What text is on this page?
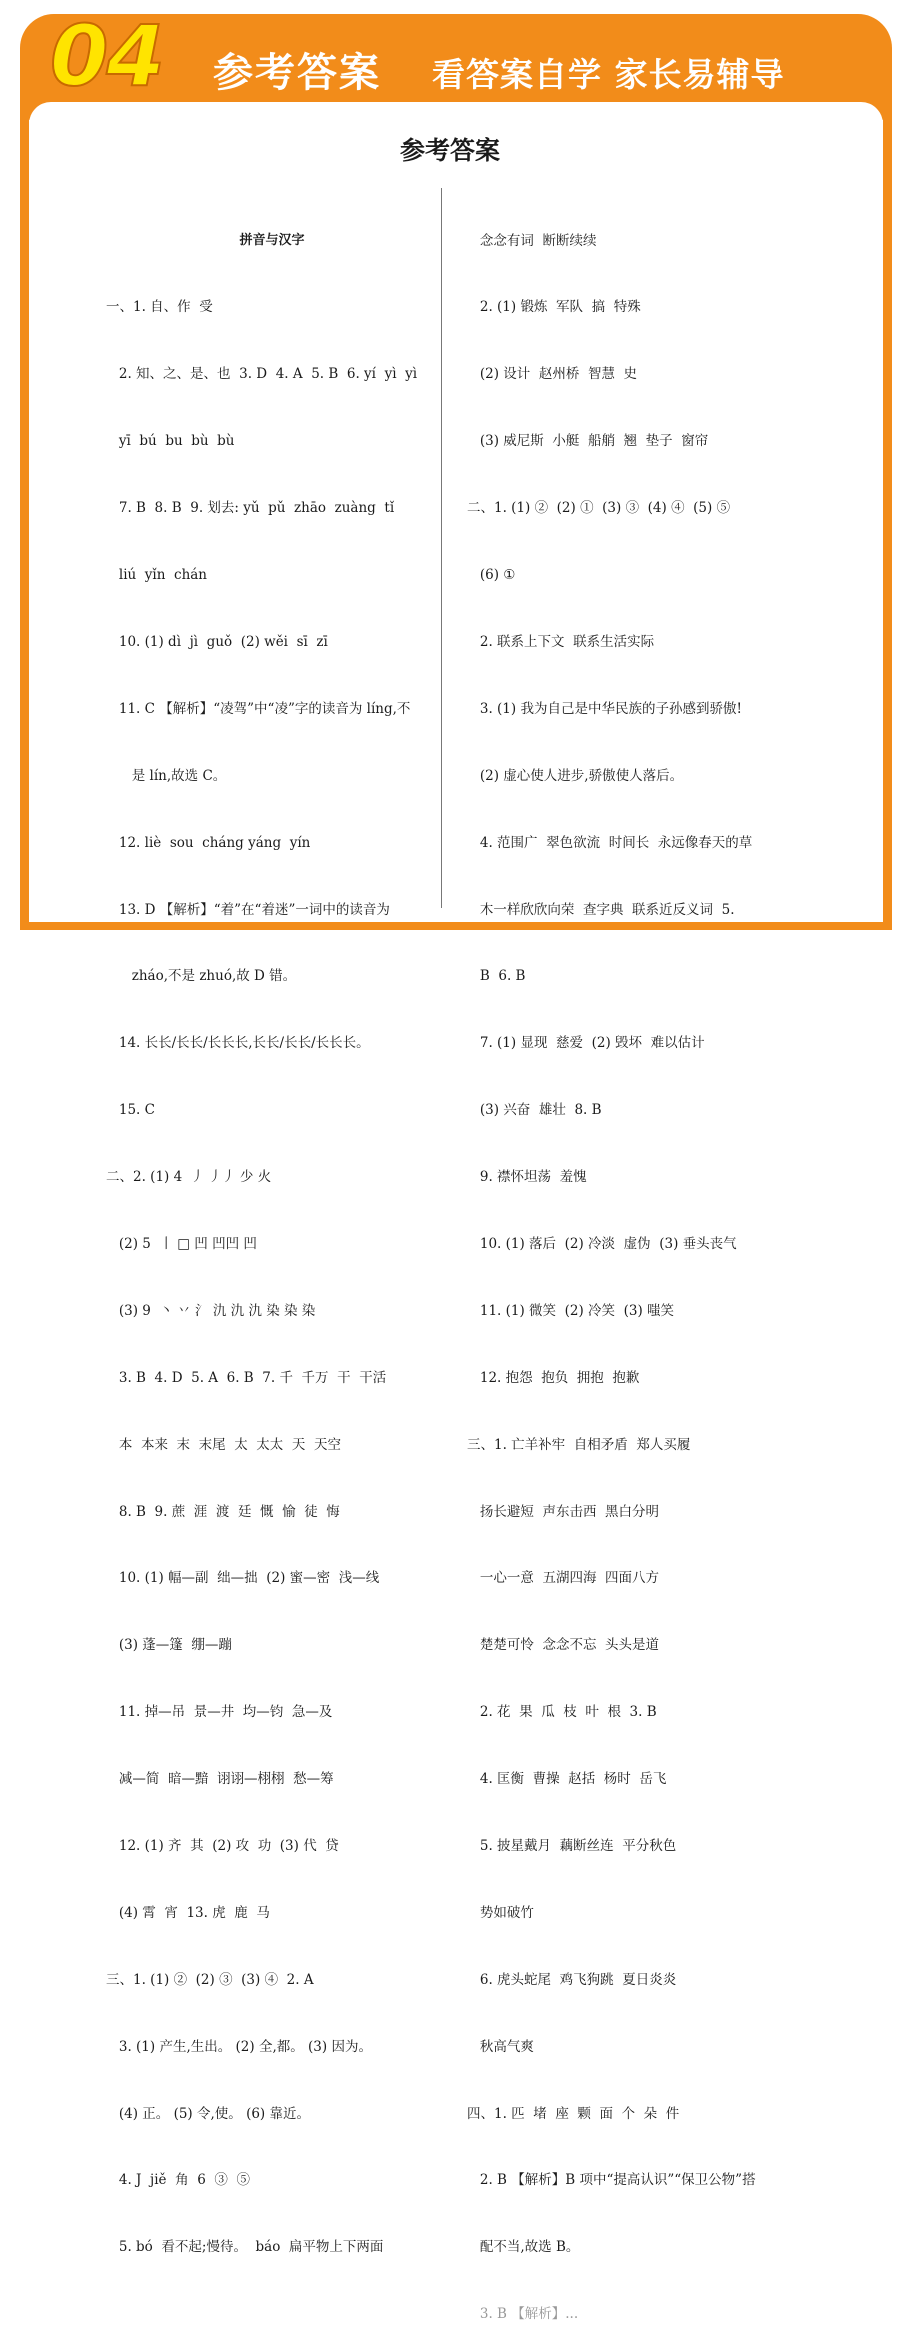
04 参考答案 看答案自学 家长易辅导
参考答案

拼音与汉字

一、1. 自、作  受

2. 知、之、是、也  3. D  4. A  5. B  6. yí  yì  yì

yī  bú  bu  bù  bù

7. B  8. B  9. 划去: yǔ  pǔ  zhāo  zuàng  tǐ

liú  yǐn  chán

10. (1) dì  jì  guǒ  (2) wěi  sī  zī

11. C 【解析】“凌驾”中“凌”字的读音为 líng,不

是 lín,故选 C。

12. liè  sou  cháng yáng  yín

13. D 【解析】“着”在“着迷”一词中的读音为

zháo,不是 zhuó,故 D 错。

14. 长长/长长/长长长,长长/长长/长长长。

15. C

二、2. (1) 4  丿 丿丿 少 火

(2) 5  丨 □ 凹 凹凹 凹

(3) 9  丶 丷 氵 氿 氿 氿 染 染 染

3. B  4. D  5. A  6. B  7. 千  千万  干  干活

本  本来  末  末尾  太  太太  天  天空

8. B  9. 蔗  涯  渡  廷  慨  愉  徒  悔

10. (1) 幅—副  绌—拙  (2) 蜜—密  浅—线

(3) 蓬—篷  绷—蹦

11. 掉—吊  景—井  均—钧  急—及

减—简  暗—黯  诩诩—栩栩  愁—筹

12. (1) 齐  其  (2) 攻  功  (3) 代  贷

(4) 霄  宵  13. 虎  鹿  马

三、1. (1) ②  (2) ③  (3) ④  2. A

3. (1) 产生,生出。 (2) 全,都。 (3) 因为。

(4) 正。 (5) 令,使。 (6) 靠近。

4. J  jiě  角  6  ③  ⑤

5. bó  看不起;慢待。  báo  扁平物上下两面

念念有词  断断续续

2. (1) 锻炼  军队  搞  特殊

(2) 设计  赵州桥  智慧  史

(3) 威尼斯  小艇  船艄  翘  垫子  窗帘

二、1. (1) ②  (2) ①  (3) ③  (4) ④  (5) ⑤

(6) ①

2. 联系上下文  联系生活实际

3. (1) 我为自己是中华民族的子孙感到骄傲!

(2) 虚心使人进步,骄傲使人落后。

4. 范围广  翠色欲流  时间长  永远像春天的草

木一样欣欣向荣  查字典  联系近反义词  5.

B  6. B

7. (1) 显现  慈爱  (2) 毁坏  难以估计

(3) 兴奋  雄壮  8. B

9. 襟怀坦荡  羞愧

10. (1) 落后  (2) 冷淡  虚伪  (3) 垂头丧气

11. (1) 微笑  (2) 冷笑  (3) 嗤笑

12. 抱怨  抱负  拥抱  抱歉

三、1. 亡羊补牢  自相矛盾  郑人买履

扬长避短  声东击西  黑白分明

一心一意  五湖四海  四面八方

楚楚可怜  念念不忘  头头是道

2. 花  果  瓜  枝  叶  根  3. B

4. 匡衡  曹操  赵括  杨时  岳飞

5. 披星戴月  藕断丝连  平分秋色

势如破竹

6. 虎头蛇尾  鸡飞狗跳  夏日炎炎

秋高气爽

四、1. 匹  堵  座  颗  面  个  朵  件

2. B 【解析】B 项中“提高认识”“保卫公物”搭

配不当,故选 B。

3. B 【解析】...
